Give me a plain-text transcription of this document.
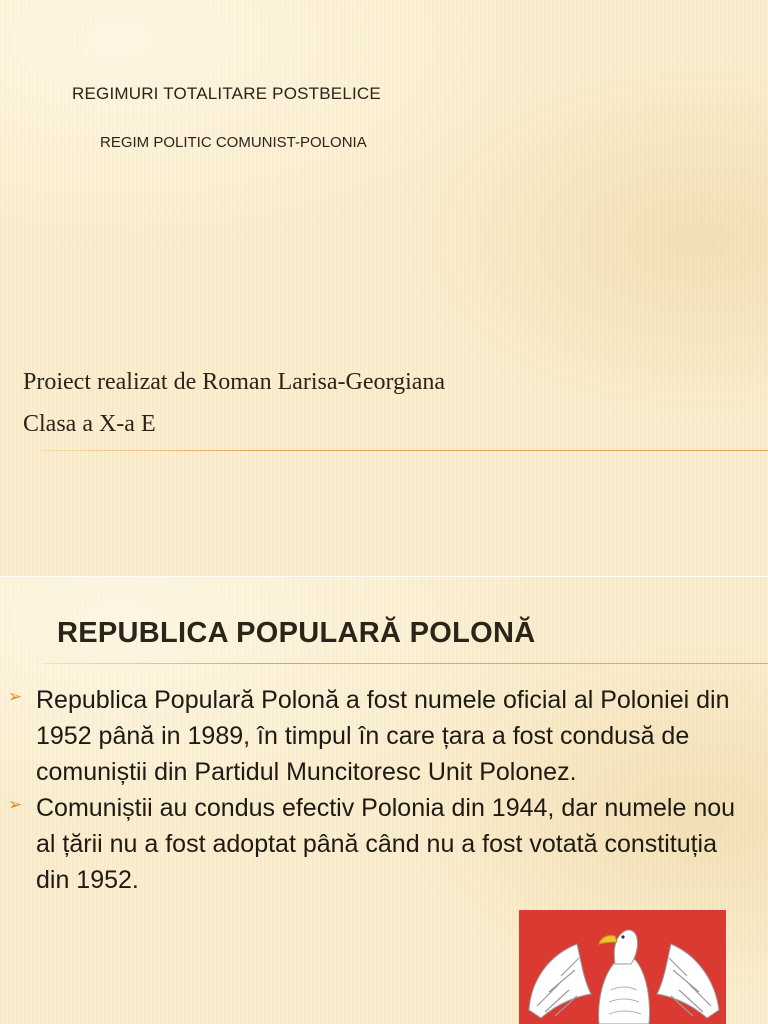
REGIMURI TOTALITARE POSTBELICE
REGIM POLITIC COMUNIST-POLONIA
Proiect realizat de Roman Larisa-Georgiana
Clasa a X-a E
REPUBLICA POPULARĂ POLONĂ
➢ Republica Populară Polonă a fost numele oficial al Poloniei din 1952 până in 1989, în timpul în care țara a fost condusă de comuniștii din Partidul Muncitoresc Unit Polonez.
➢ Comuniștii au condus efectiv Polonia din 1944, dar numele nou al țării nu a fost adoptat până când nu a fost votată constituția din 1952.
